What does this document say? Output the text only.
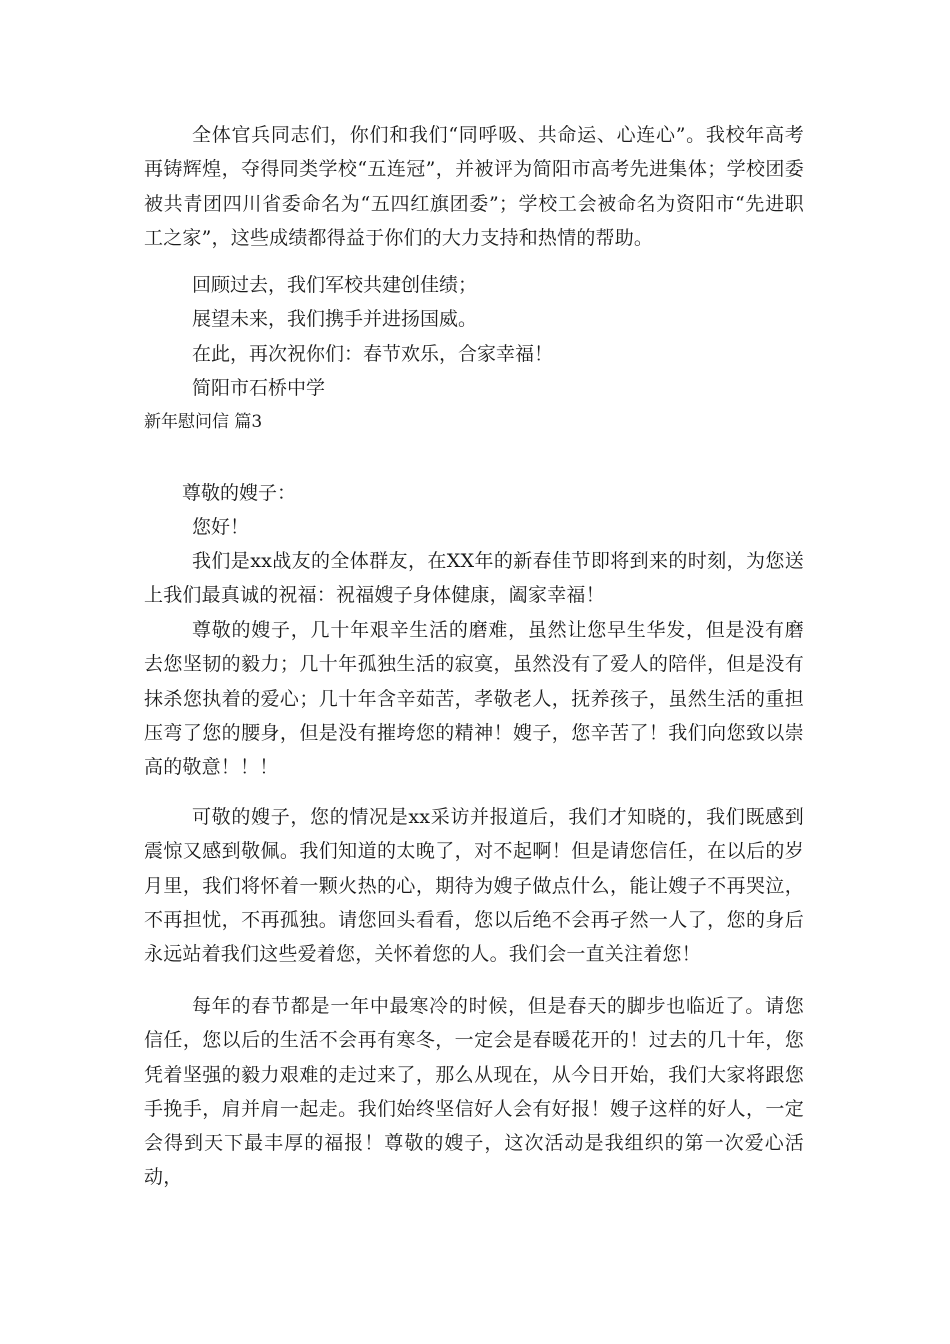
全体官兵同志们，你们和我们“同呼吸、共命运、心连心”。我校年高考再铸辉煌，夺得同类学校“五连冠”，并被评为简阳市高考先进集体；学校团委被共青团四川省委命名为“五四红旗团委”；学校工会被命名为资阳市“先进职工之家”，这些成绩都得益于你们的大力支持和热情的帮助。

回顾过去，我们军校共建创佳绩；

展望未来，我们携手并进扬国威。

在此，再次祝你们：春节欢乐，合家幸福！

简阳市石桥中学

新年慰问信 篇3

尊敬的嫂子：

您好！

我们是xx战友的全体群友，在XX年的新春佳节即将到来的时刻，为您送上我们最真诚的祝福：祝福嫂子身体健康，阖家幸福！

尊敬的嫂子，几十年艰辛生活的磨难，虽然让您早生华发，但是没有磨去您坚韧的毅力；几十年孤独生活的寂寞，虽然没有了爱人的陪伴，但是没有抹杀您执着的爱心；几十年含辛茹苦，孝敬老人，抚养孩子，虽然生活的重担压弯了您的腰身，但是没有摧垮您的精神！嫂子，您辛苦了！我们向您致以崇高的敬意！！！

可敬的嫂子，您的情况是xx采访并报道后，我们才知晓的，我们既感到震惊又感到敬佩。我们知道的太晚了，对不起啊！但是请您信任，在以后的岁月里，我们将怀着一颗火热的心，期待为嫂子做点什么，能让嫂子不再哭泣，不再担忧，不再孤独。请您回头看看，您以后绝不会再孑然一人了，您的身后永远站着我们这些爱着您，关怀着您的人。我们会一直关注着您！

每年的春节都是一年中最寒冷的时候，但是春天的脚步也临近了。请您信任，您以后的生活不会再有寒冬，一定会是春暖花开的！过去的几十年，您凭着坚强的毅力艰难的走过来了，那么从现在，从今日开始，我们大家将跟您手挽手，肩并肩一起走。我们始终坚信好人会有好报！嫂子这样的好人，一定会得到天下最丰厚的福报！尊敬的嫂子，这次活动是我组织的第一次爱心活动，
